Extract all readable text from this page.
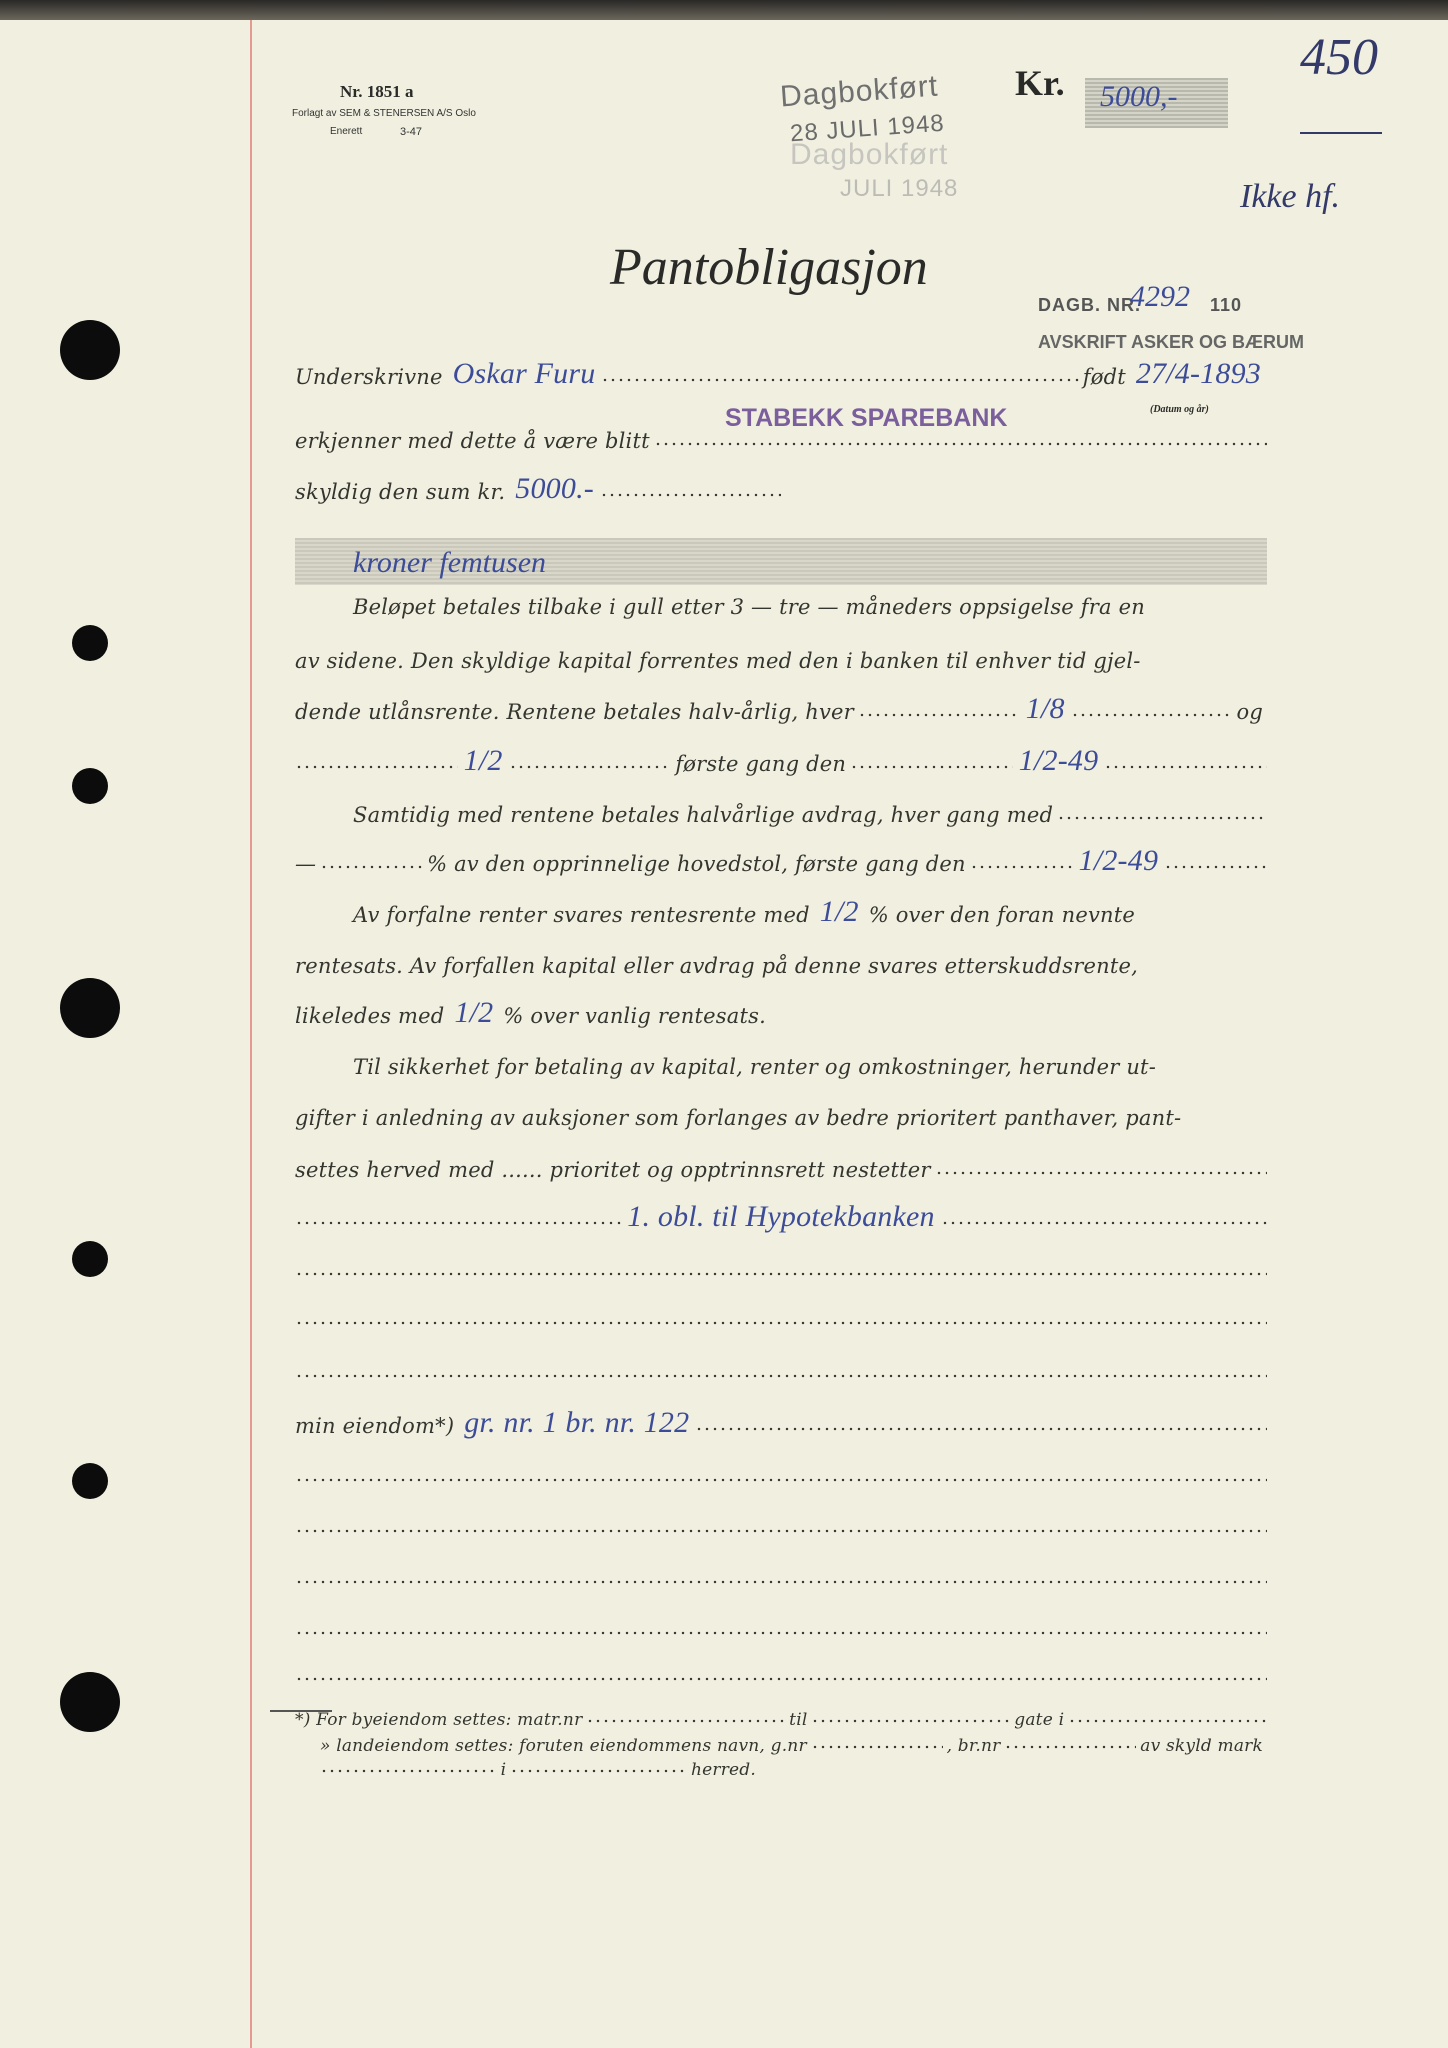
Nr. 1851 a
Forlagt av SEM & STENERSEN A/S Oslo
Enerett	3-47
Dagbokført
28 JULI 1948
Dagbokført
JULI 1948
Kr. 5000,-
450
Ikke hf.
Pantobligasjon
DAGB. NR.
4292 110
AVSKRIFT ASKER OG BÆRUM
STABEKK SPAREBANK	(Datum og år)
kroner femtusen
Underskrivne Oskar Furu	født 27/4-1893
erkjenner med dette å være blitt
skyldig den sum kr. 5000.-
Beløpet betales tilbake i gull etter 3 — tre — måneders oppsigelse fra en
av sidene. Den skyldige kapital forrentes med den i banken til enhver tid gjel-
dende utlånsrente. Rentene betales halv-årlig, hver	1/8	og
1/2	første gang den	1/2-49
Samtidig med rentene betales halvårlige avdrag, hver gang med
—	% av den opprinnelige hovedstol, første gang den	1/2-49
Av forfalne renter svares rentesrente med 1/2 % over den foran nevnte
rentesats. Av forfallen kapital eller avdrag på denne svares etterskuddsrente,
likeledes med 1/2 % over vanlig rentesats.
Til sikkerhet for betaling av kapital, renter og omkostninger, herunder ut-
gifter i anledning av auksjoner som forlanges av bedre prioritert panthaver, pant-
settes herved med ...... prioritet og opptrinnsrett nestetter
1. obl. til Hypotekbanken
min eiendom*) gr. nr. 1 br. nr. 122
*) For byeiendom settes: matr.nr	til	gate i
» landeiendom settes: foruten eiendommens navn, g.nr	, br.nr	av skyld mark
i	herred.
